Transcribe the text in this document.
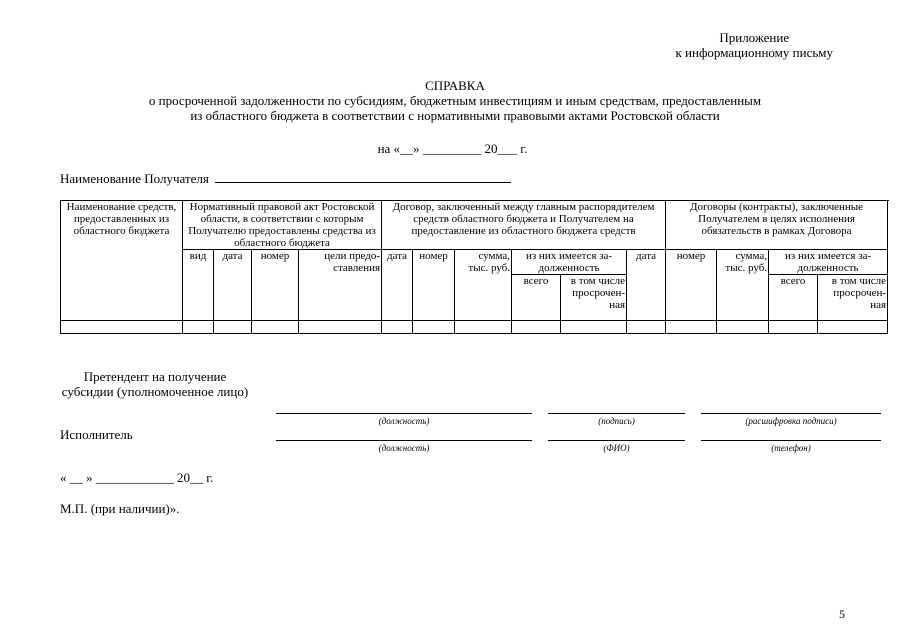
Приложение
к информационному письму
СПРАВКА
о просроченной задолженности по субсидиям, бюджетным инвестициям и иным средствам, предоставленным
из областного бюджета в соответствии с нормативными правовыми актами Ростовской области
на «__» _________ 20___ г.
Наименование Получателя
Наименование средств, предоставленных из областного бюджета	Нормативный правовой акт Ростовской области, в соответствии с которым Получателю предоставлены средства из областного бюджета				Договор, заключенный между главным распорядителем средств областного бюджета и Получателем на предоставление из областного бюджета средств						Договоры (контракты), заключенные Получателем в целях исполнения обязательств в рамках Договора			
	вид	дата	номер	цели предо-ставления	дата	номер	сумма, тыс. руб.	из них имеется за-долженность		дата	номер	сумма, тыс. руб.	из них имеется за-долженность	
								всего	в том числе просрочен-ная				всего	в том числе просрочен-ная

Претендент на получение субсидии (уполномоченное лицо)
(должность)	(подпись)	(расшифровка подписи)
Исполнитель
(должность)	(ФИО)	(телефон)
« __ » ____________ 20__ г.
М.П. (при наличии)».
5
